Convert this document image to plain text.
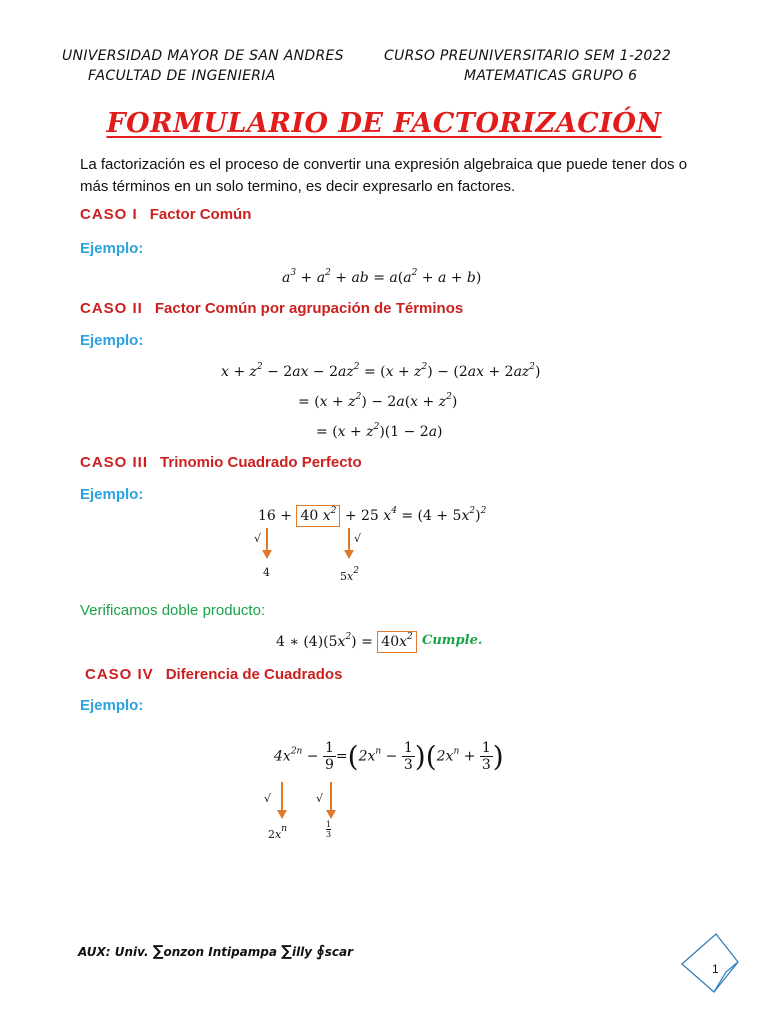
UNIVERSIDAD MAYOR DE SAN ANDRES
FACULTAD DE INGENIERIA
CURSO PREUNIVERSITARIO SEM 1-2022
MATEMATICAS GRUPO 6
FORMULARIO DE FACTORIZACIÓN
La factorización es el proceso de convertir una expresión algebraica que puede tener dos o más términos en un solo termino, es decir expresarlo en factores.
CASO I Factor Común
Ejemplo:
$a^3 + a^2$ + ab = $a(a^2 + a + b)$
CASO II Factor Común por agrupación de Términos
Ejemplo:
$x + z^2 - 2ax - 2az^2 = (x + z^2) - (2ax + 2az^2)$
= $(x + z^2) - 2a(x + z^2)$
= $(x + z^2)(1 - 2a)$
CASO III Trinomio Cuadrado Perfecto
Ejemplo:
16 + 40 $x^2 + 25$ $x^4 = (4 + 5x^2)^2$
√
4
√
$5x^2$
Verificamos doble producto:
4 ∗ $(4)(5x^2) = 40x^2$ Cumple.
CASO IV Diferencia de Cuadrados
Ejemplo:
$4x^{2n} - \frac{1}{9} =(2x^n - \frac{1}{3} )(2x^n + \frac{1}{3}$ )
√
$2x^n$
√
1
3
AUX: Univ. ∑onzon Intipampa ∑illy ∮scar
1
